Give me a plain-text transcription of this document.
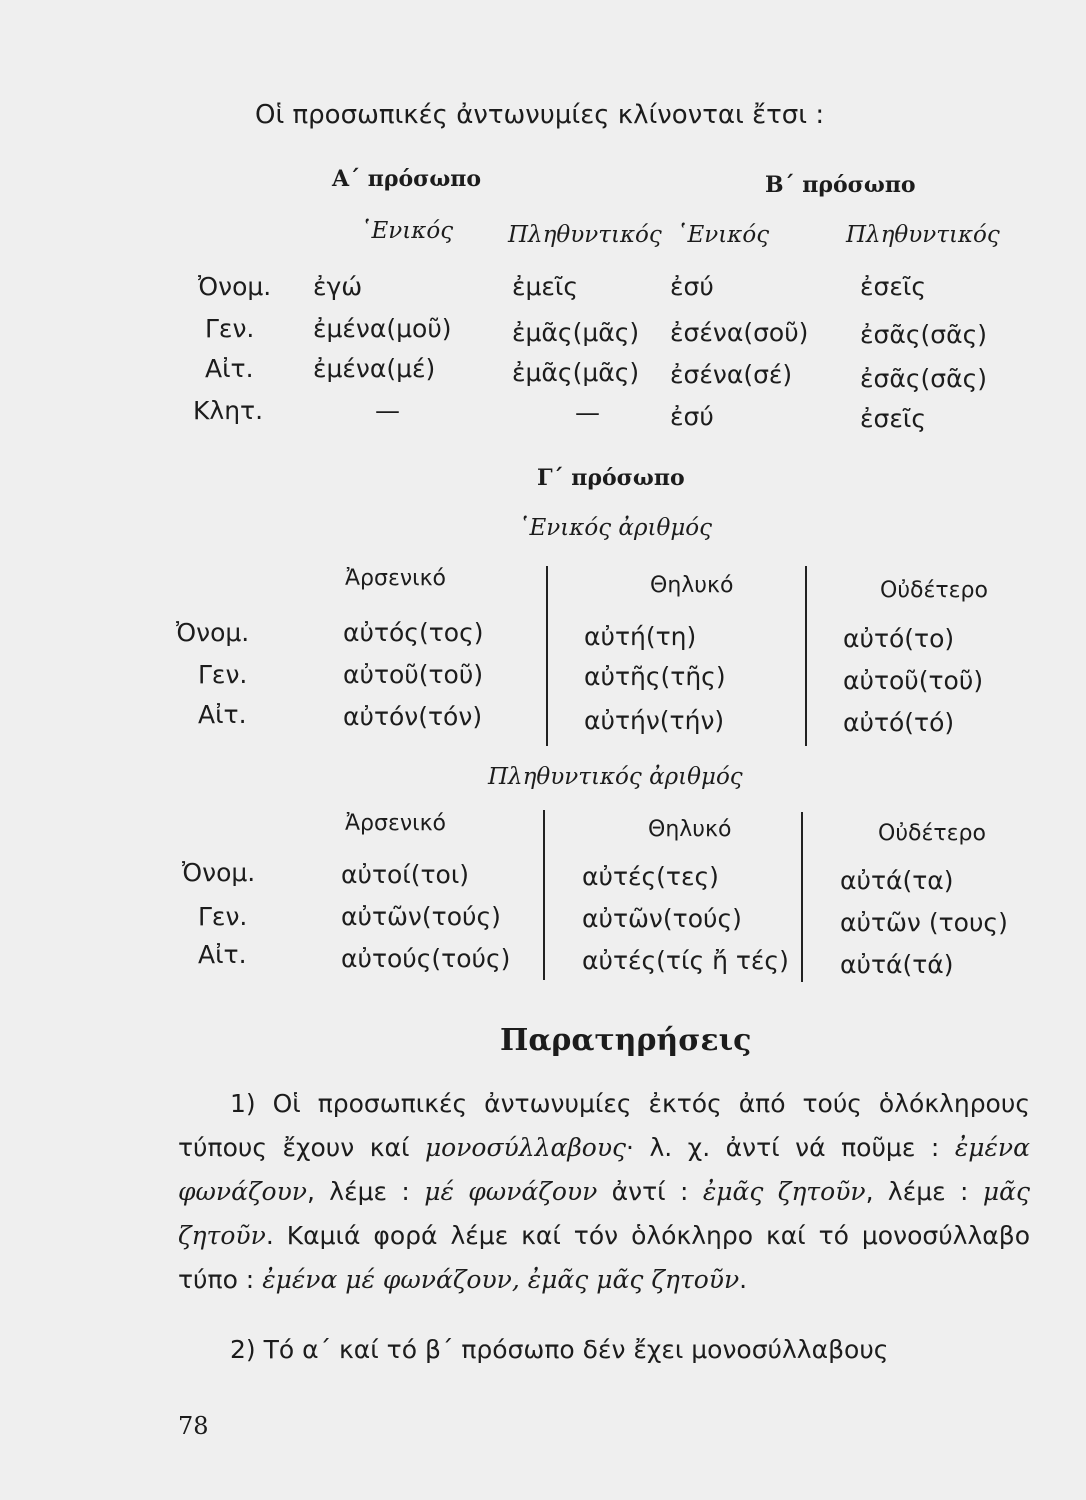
Οἱ προσωπικές ἀντωνυμίες κλίνονται ἔτσι :
Α΄ πρόσωπο	Β΄ πρόσωπο
῾Ενικός Πληθυντικός ῾Ενικός	Πληθυντικός
Ὀνομ. ἐγώ	ἐμεῖς	ἐσύ	ἐσεῖς
Γεν. ἐμένα(μοῦ) ἐμᾶς(μᾶς) ἐσένα(σοῦ) ἐσᾶς(σᾶς)
Αἰτ. ἐμένα(μέ)	ἐμᾶς(μᾶς) ἐσένα(σέ)	ἐσᾶς(σᾶς)
Κλητ.	—	—	ἐσύ	ἐσεῖς
Γ΄ πρόσωπο
῾Ενικός ἀριθμός
Ἀρσενικό	Θηλυκό	Οὐδέτερο
Ὀνομ.	αὐτός(τος)	αὐτή(τη)	αὐτό(το)
Γεν.	αὐτοῦ(τοῦ)	αὐτῆς(τῆς)	αὐτοῦ(τοῦ)
Αἰτ.	αὐτόν(τόν)	αὐτήν(τήν)	αὐτό(τό)
Πληθυντικός ἀριθμός
Ἀρσενικό	Θηλυκό	Οὐδέτερο
Ὀνομ.	αὐτοί(τοι)	αὐτές(τες)	αὐτά(τα)
Γεν.	αὐτῶν(τούς)	αὐτῶν(τούς)	αὐτῶν (τους)
Αἰτ.	αὐτούς(τούς)	αὐτές(τίς ἤ τές) αὐτά(τά)
Παρατηρήσεις
1) Οἱ προσωπικές ἀντωνυμίες ἐκτός ἀπό τούς ὁλόκληρους τύπους ἔχουν καί μονοσύλλαβους· λ. χ. ἀντί νά ποῦμε : ἐμένα φωνάζουν, λέμε : μέ φωνάζουν ἀντί : ἐμᾶς ζητοῦν, λέμε : μᾶς ζητοῦν. Καμιά φορά λέμε καί τόν ὁλόκληρο καί τό μονοσύλλαβο τύπο : ἐμένα μέ φωνάζουν, ἐμᾶς μᾶς ζητοῦν.
2) Τό α΄ καί τό β΄ πρόσωπο δέν ἔχει μονοσύλλαβους
78
